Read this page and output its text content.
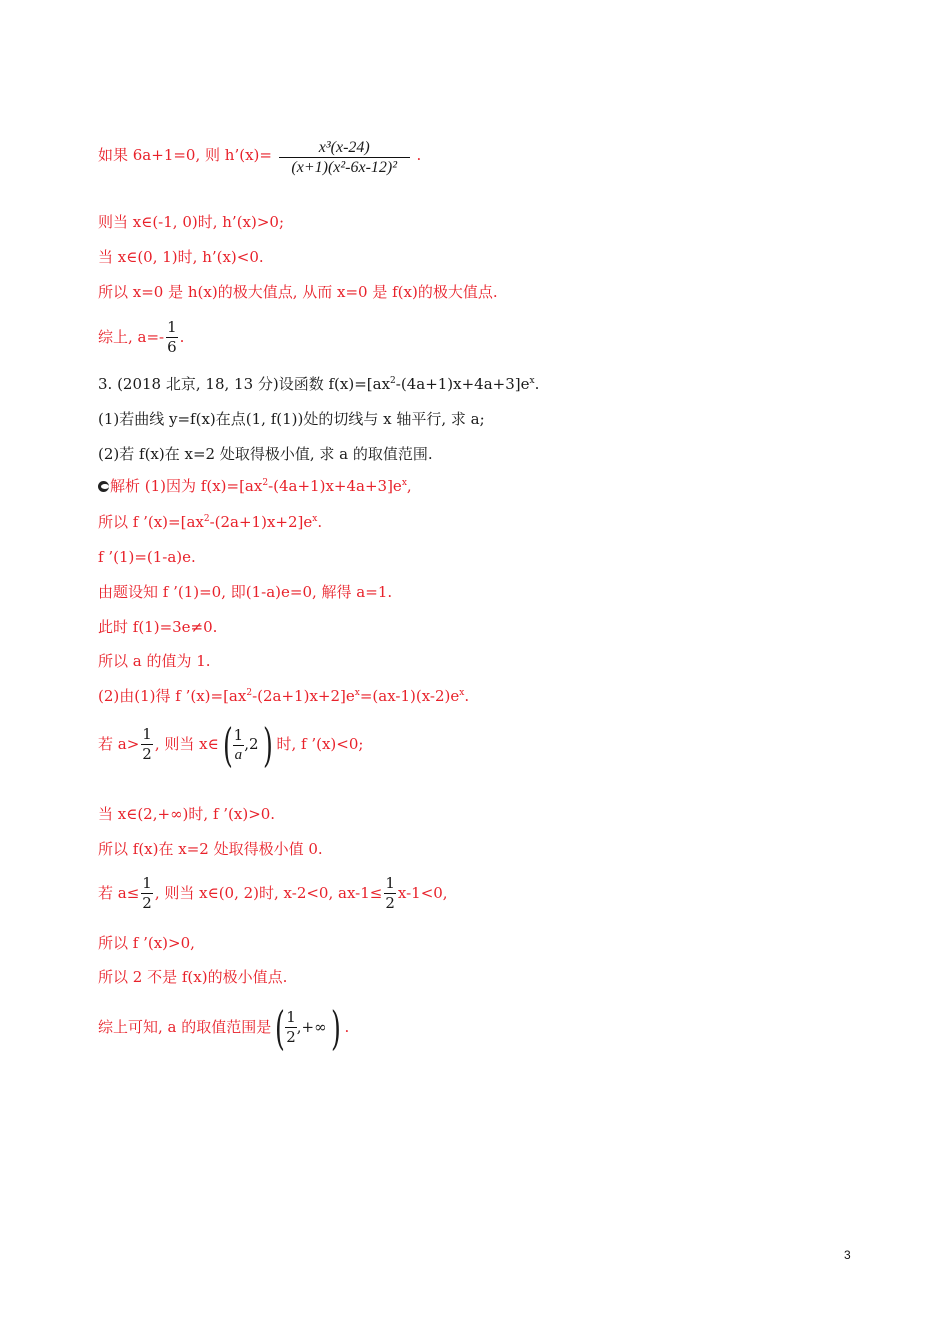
如果 6a+1=0, 则 h’(x)= $\frac{\text{x³(x-24)}}{\text{(x+1)(x²-6x-12)²}}$ .
则当 x∈(-1, 0)时, h’(x)>0;
当 x∈(0, 1)时, h’(x)<0.
所以 x=0 是 h(x)的极大值点, 从而 x=0 是 f(x)的极大值点.
综上, $a=- \frac{1}{6}$ .
3. (2018 北京, 18, 13 分)设函数 $f(x)=[ax^2-(4a+1)x+4a+3]e^x$.
(1)若曲线 y=f(x)在点(1, f(1))处的切线与 x 轴平行, 求 a;
(2)若 f(x)在 x=2 处取得极小值, 求 a 的取值范围.
解析 (1)因为 $f(x)=[ax^2-(4a+1)x+4a+3]e^x$,
所以 f $’(x)=[ax^2-(2a+1)x+2]e^x$.
f ’(1)=(1-a)e.
由题设知 f ’(1)=0, 即(1-a)e=0, 解得 a=1.
此时 f(1)=3e≠0.
所以 a 的值为 1.
(2)由(1)得 f $’(x)=[ax^2-(2a+1)x+2]e^x=(ax-1)(x-2)e^x$.
若 $a> \frac{1}{2}$ , 则当 x∈( $\frac{1}{a} ,2$) 时, f ’(x)<0;
当 x∈(2,+∞)时, f ’(x)>0.
所以 f(x)在 x=2 处取得极小值 0.
若 $a\le \frac{1}{2}$ , 则当 x∈(0, 2)时, x-2<0, $ax-1\le \frac{1}{2} x-1<0$,
所以 f ’(x)>0,
所以 2 不是 f(x)的极小值点.
综上可知, a 的取值范围是( $\frac{1}{2}$ ,+∞) .
3
